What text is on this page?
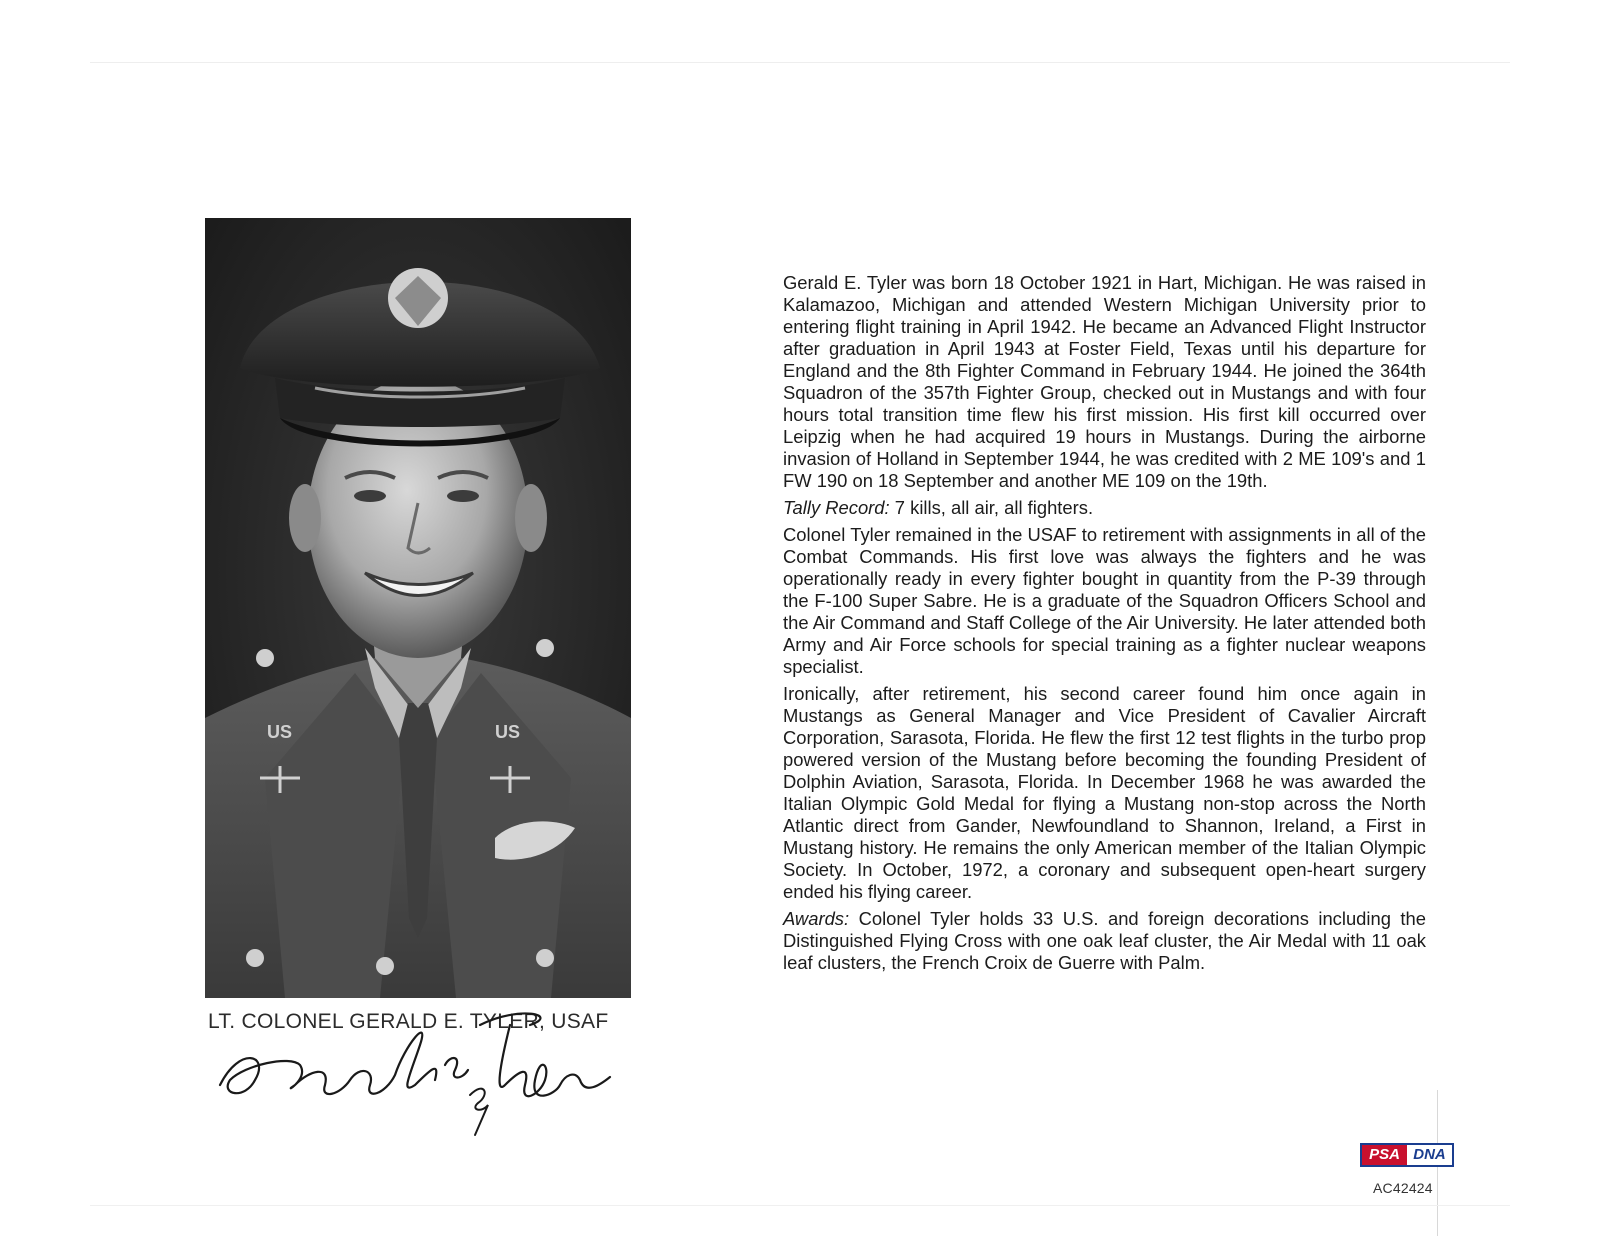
US	US
LT. COLONEL GERALD E. TYLER, USAF

Gerald E. Tyler was born 18 October 1921 in Hart, Michigan. He was raised in Kalamazoo, Michigan and attended Western Michigan University prior to entering flight training in April 1942. He became an Advanced Flight Instructor after graduation in April 1943 at Foster Field, Texas until his departure for England and the 8th Fighter Command in February 1944. He joined the 364th Squadron of the 357th Fighter Group, checked out in Mustangs and with four hours total transition time flew his first mission. His first kill occurred over Leipzig when he had acquired 19 hours in Mustangs. During the airborne invasion of Holland in September 1944, he was credited with 2 ME 109's and 1 FW 190 on 18 September and another ME 109 on the 19th.

Tally Record: 7 kills, all air, all fighters.

Colonel Tyler remained in the USAF to retirement with assignments in all of the Combat Commands. His first love was always the fighters and he was operationally ready in every fighter bought in quantity from the P-39 through the F-100 Super Sabre. He is a graduate of the Squadron Officers School and the Air Command and Staff College of the Air University. He later attended both Army and Air Force schools for special training as a fighter nuclear weapons specialist.

Ironically, after retirement, his second career found him once again in Mustangs as General Manager and Vice President of Cavalier Aircraft Corporation, Sarasota, Florida. He flew the first 12 test flights in the turbo prop powered version of the Mustang before becoming the founding President of Dolphin Aviation, Sarasota, Florida. In December 1968 he was awarded the Italian Olympic Gold Medal for flying a Mustang non-stop across the North Atlantic direct from Gander, Newfoundland to Shannon, Ireland, a First in Mustang history. He remains the only American member of the Italian Olympic Society. In October, 1972, a coronary and subsequent open-heart surgery ended his flying career.

Awards: Colonel Tyler holds 33 U.S. and foreign decorations including the Distinguished Flying Cross with one oak leaf cluster, the Air Medal with 11 oak leaf clusters, the French Croix de Guerre with Palm.

PSA DNA
AC42424
